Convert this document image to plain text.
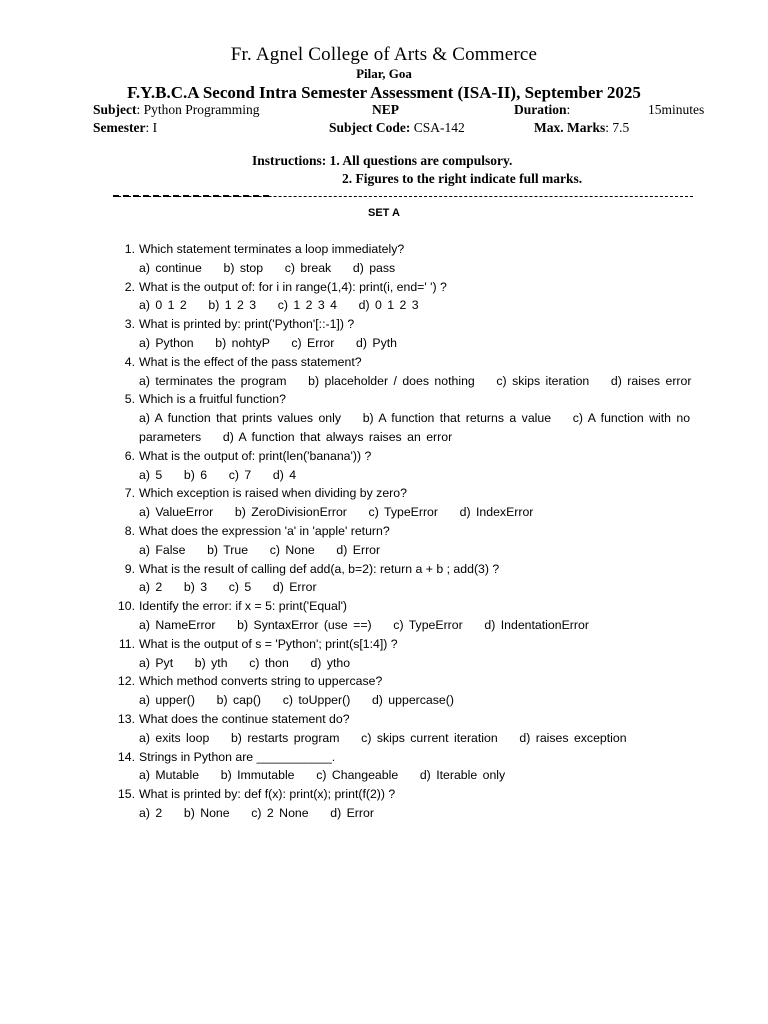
Fr. Agnel College of Arts & Commerce
Pilar, Goa
F.Y.B.C.A Second Intra Semester Assessment (ISA-II), September 2025
Subject: Python Programming	NEP	Duration:	15minutes
Semester: I	Subject Code: CSA-142	Max. Marks: 7.5
Instructions: 1. All questions are compulsory.
2. Figures to the right indicate full marks.
SET A
1. Which statement terminates a loop immediately?
a) continue    b) stop    c) break    d) pass
2. What is the output of: for i in range(1,4): print(i, end=' ') ?
a) 0 1 2    b) 1 2 3    c) 1 2 3 4    d) 0 1 2 3
3. What is printed by: print('Python'[::-1]) ?
a) Python    b) nohtyP    c) Error    d) Pyth
4. What is the effect of the pass statement?
a) terminates the program    b) placeholder / does nothing    c) skips iteration    d) raises error
5. Which is a fruitful function?
a) A function that prints values only    b) A function that returns a value    c) A function with no parameters    d) A function that always raises an error
6. What is the output of: print(len('banana')) ?
a) 5    b) 6    c) 7    d) 4
7. Which exception is raised when dividing by zero?
a) ValueError    b) ZeroDivisionError    c) TypeError    d) IndexError
8. What does the expression 'a' in 'apple' return?
a) False    b) True    c) None    d) Error
9. What is the result of calling def add(a, b=2): return a + b ; add(3) ?
a) 2    b) 3    c) 5    d) Error
10. Identify the error: if x = 5: print('Equal')
a) NameError    b) SyntaxError (use ==)    c) TypeError    d) IndentationError
11. What is the output of s = 'Python'; print(s[1:4]) ?
a) Pyt    b) yth    c) thon    d) ytho
12. Which method converts string to uppercase?
a) upper()    b) cap()    c) toUpper()    d) uppercase()
13. What does the continue statement do?
a) exits loop    b) restarts program    c) skips current iteration    d) raises exception
14. Strings in Python are ___________.
a) Mutable    b) Immutable    c) Changeable    d) Iterable only
15. What is printed by: def f(x): print(x); print(f(2)) ?
a) 2    b) None    c) 2 None    d) Error
